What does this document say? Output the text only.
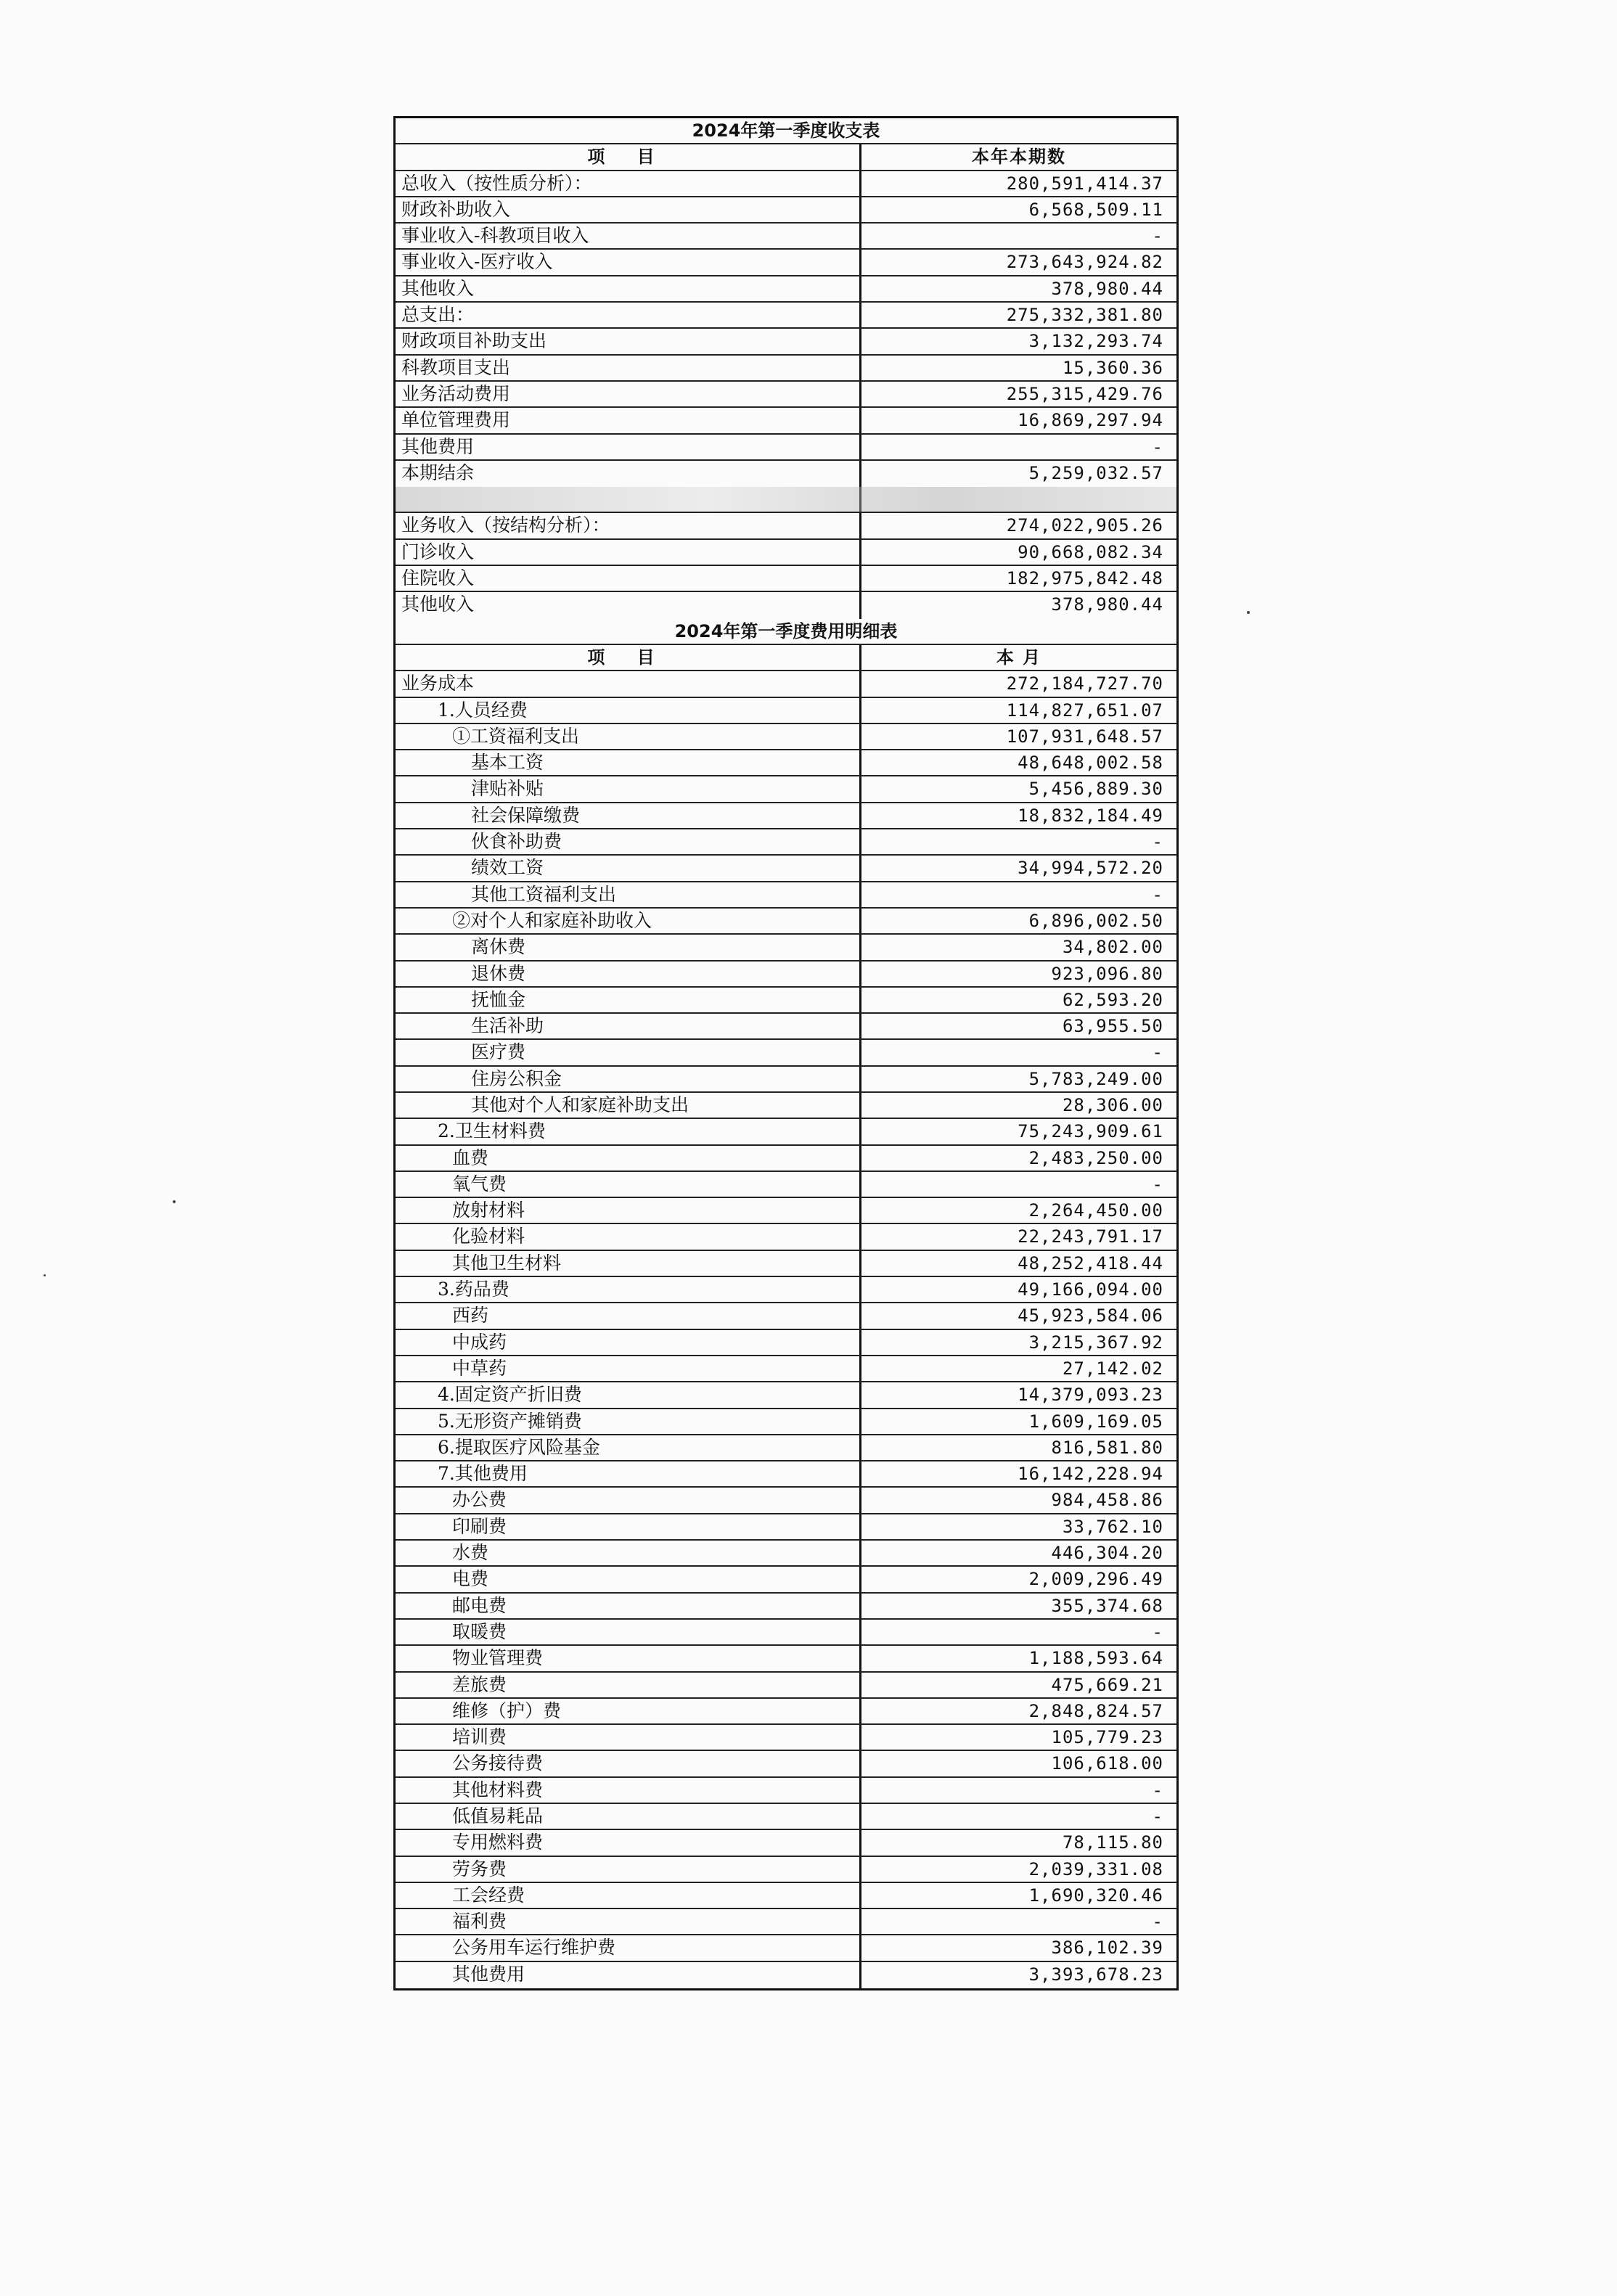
2024年第一季度收支表
项 目	本年本期数
总收入（按性质分析）：	280,591,414.37
财政补助收入	6,568,509.11
事业收入-科教项目收入	-
事业收入-医疗收入	273,643,924.82
其他收入	378,980.44
总支出：	275,332,381.80
财政项目补助支出	3,132,293.74
科教项目支出	15,360.36
业务活动费用	255,315,429.76
单位管理费用	16,869,297.94
其他费用	-
本期结余	5,259,032.57
业务收入（按结构分析）：	274,022,905.26
门诊收入	90,668,082.34
住院收入	182,975,842.48
其他收入	378,980.44
2024年第一季度费用明细表
项 目	本 月
业务成本	272,184,727.70
1.人员经费	114,827,651.07
①工资福利支出	107,931,648.57
基本工资	48,648,002.58
津贴补贴	5,456,889.30
社会保障缴费	18,832,184.49
伙食补助费	-
绩效工资	34,994,572.20
其他工资福利支出	-
②对个人和家庭补助收入	6,896,002.50
离休费	34,802.00
退休费	923,096.80
抚恤金	62,593.20
生活补助	63,955.50
医疗费	-
住房公积金	5,783,249.00
其他对个人和家庭补助支出	28,306.00
2.卫生材料费	75,243,909.61
血费	2,483,250.00
氧气费	-
放射材料	2,264,450.00
化验材料	22,243,791.17
其他卫生材料	48,252,418.44
3.药品费	49,166,094.00
西药	45,923,584.06
中成药	3,215,367.92
中草药	27,142.02
4.固定资产折旧费	14,379,093.23
5.无形资产摊销费	1,609,169.05
6.提取医疗风险基金	816,581.80
7.其他费用	16,142,228.94
办公费	984,458.86
印刷费	33,762.10
水费	446,304.20
电费	2,009,296.49
邮电费	355,374.68
取暖费	-
物业管理费	1,188,593.64
差旅费	475,669.21
维修（护）费	2,848,824.57
培训费	105,779.23
公务接待费	106,618.00
其他材料费	-
低值易耗品	-
专用燃料费	78,115.80
劳务费	2,039,331.08
工会经费	1,690,320.46
福利费	-
公务用车运行维护费	386,102.39
其他费用	3,393,678.23
